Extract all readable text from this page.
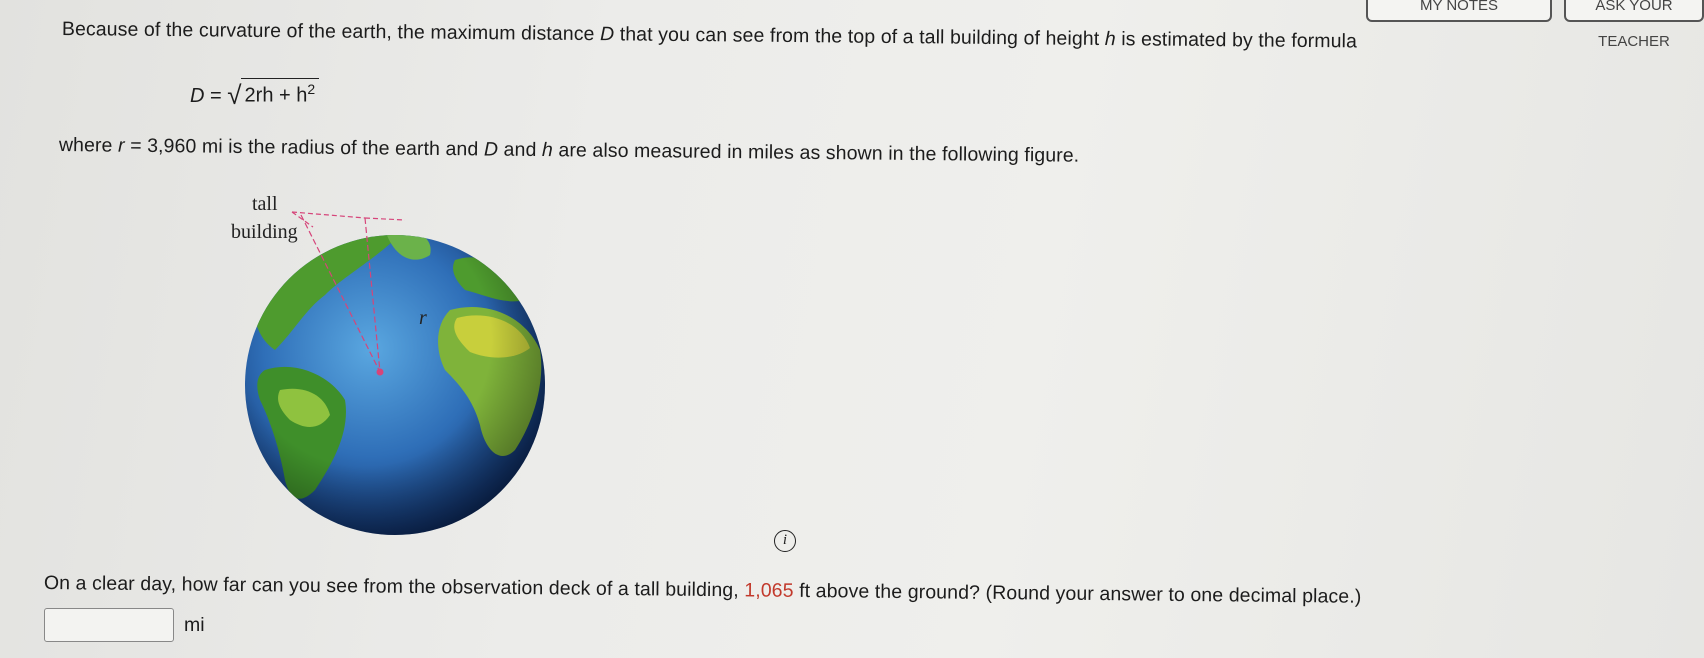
MY NOTES	ASK YOUR TEACHER
Because of the curvature of the earth, the maximum distance D that you can see from the top of a tall building of height h is estimated by the formula
D = √ $2rh + h^2$
where r = 3,960 mi is the radius of the earth and D and h are also measured in miles as shown in the following figure.
tall
building
r
i
On a clear day, how far can you see from the observation deck of a tall building, 1,065 ft above the ground? (Round your answer to one decimal place.)
mi
